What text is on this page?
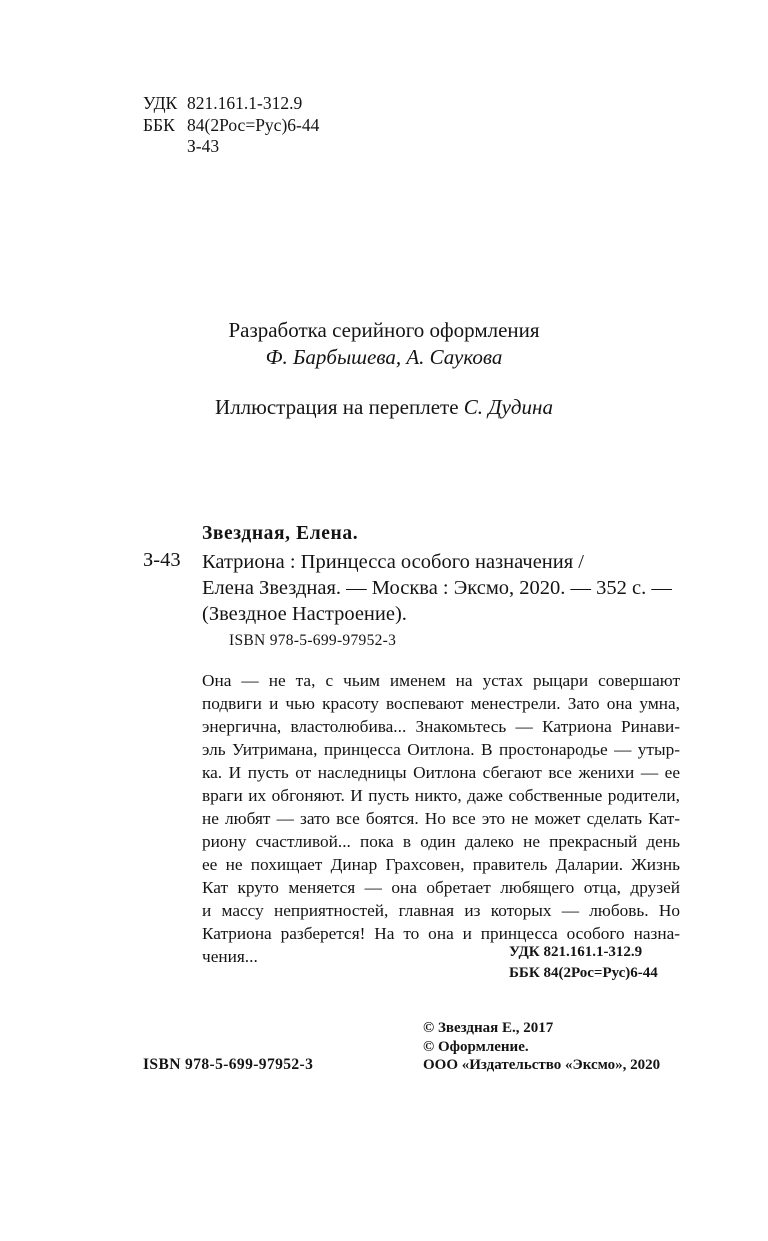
УДК 821.161.1-312.9
ББК 84(2Рос=Рус)6-44
З-43
Разработка серийного оформления
Ф. Барбышева, А. Саукова
Иллюстрация на переплете С. Дудина
Звездная, Елена.
З-43 Катриона : Принцесса особого назначения /
Елена Звездная. — Москва : Эксмо, 2020. — 352 с. —
(Звездное Настроение).
ISBN 978-5-699-97952-3
Она — не та, с чьим именем на устах рыцари совершают
подвиги и чью красоту воспевают менестрели. Зато она умна,
энергична, властолюбива... Знакомьтесь — Катриона Ринави-
эль Уитримана, принцесса Оитлона. В простонародье — утыр-
ка. И пусть от наследницы Оитлона сбегают все женихи — ее
враги их обгоняют. И пусть никто, даже собственные родители,
не любят — зато все боятся. Но все это не может сделать Кат-
риону счастливой... пока в один далеко не прекрасный день
ее не похищает Динар Грахсовен, правитель Даларии. Жизнь
Кат круто меняется — она обретает любящего отца, друзей
и массу неприятностей, главная из которых — любовь. Но
Катриона разберется! На то она и принцесса особого назна-
чения...	УДК 821.161.1-312.9
ББК 84(2Рос=Рус)6-44
© Звездная Е., 2017
© Оформление.
ООО «Издательство «Эксмо», 2020
ISBN 978-5-699-97952-3
